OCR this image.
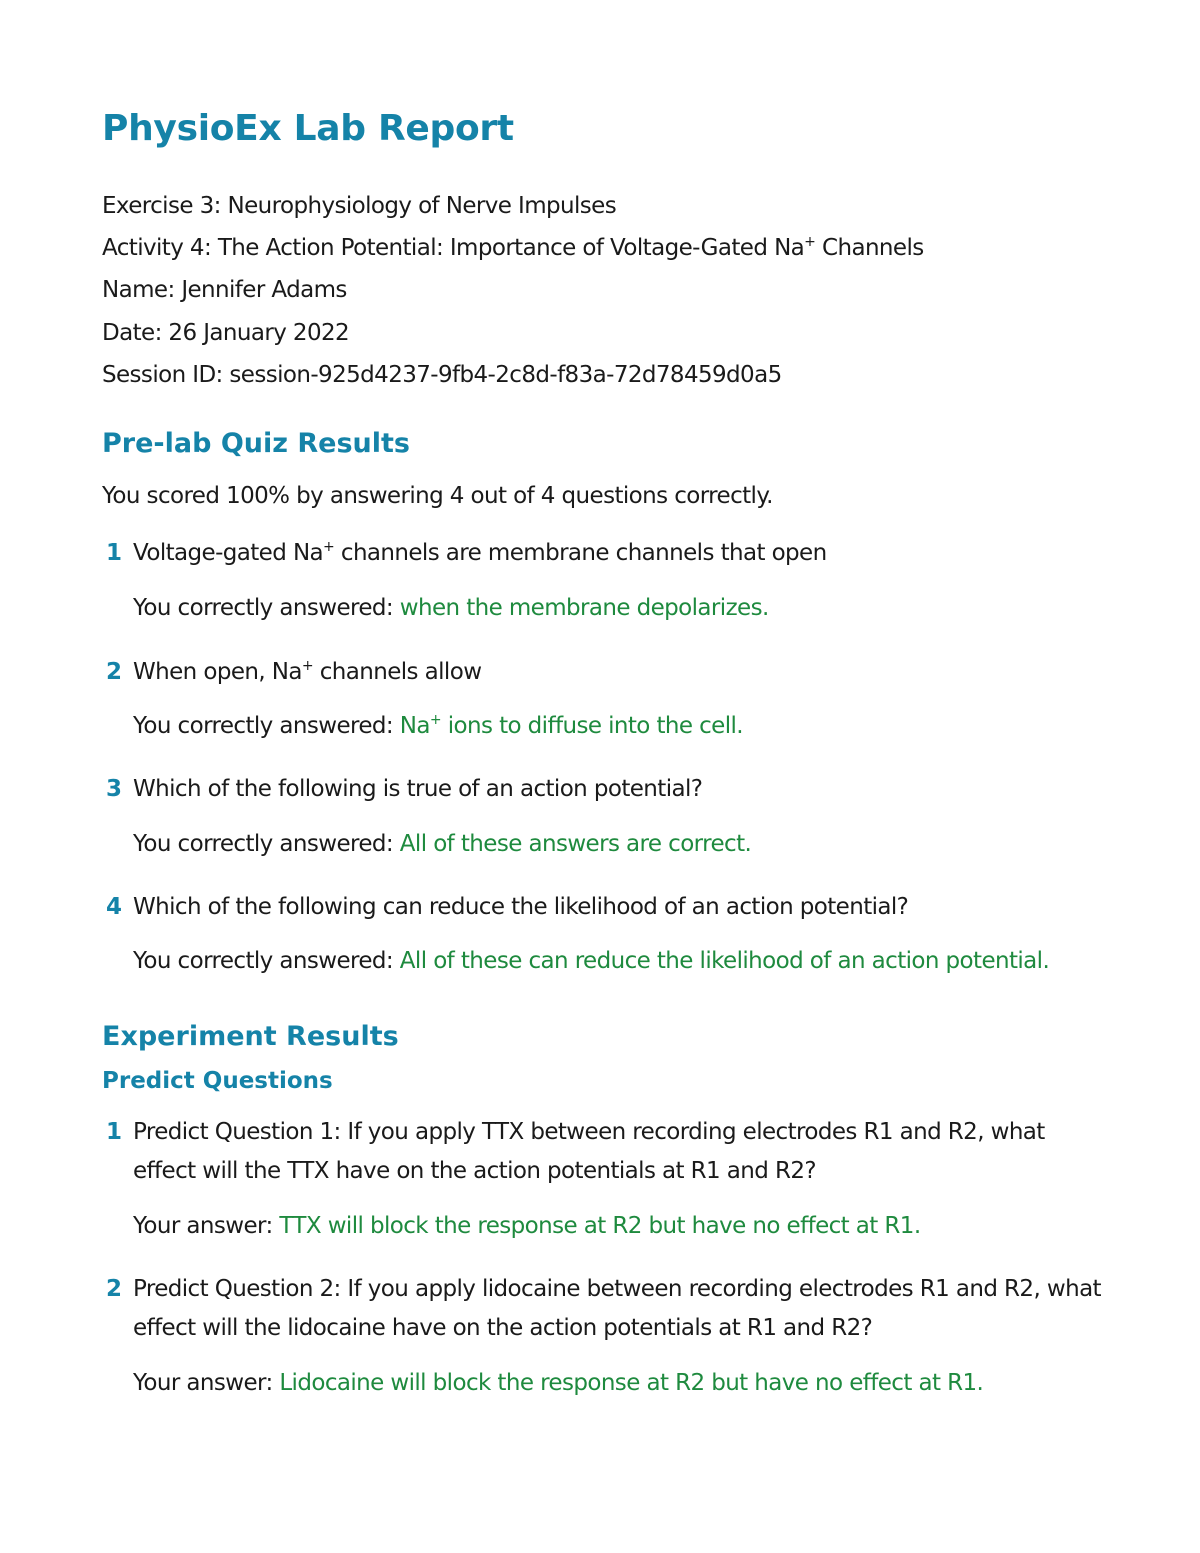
PhysioEx Lab Report
Exercise 3: Neurophysiology of Nerve Impulses
Activity 4: The Action Potential: Importance of Voltage-Gated Na+ Channels
Name: Jennifer Adams
Date: 26 January 2022
Session ID: session-925d4237-9fb4-2c8d-f83a-72d78459d0a5
Pre-lab Quiz Results
You scored 100% by answering 4 out of 4 questions correctly.
1 Voltage-gated Na+ channels are membrane channels that open
You correctly answered: when the membrane depolarizes.
2 When open, Na+ channels allow
You correctly answered: Na+ ions to diffuse into the cell.
3 Which of the following is true of an action potential?
You correctly answered: All of these answers are correct.
4 Which of the following can reduce the likelihood of an action potential?
You correctly answered: All of these can reduce the likelihood of an action potential.
Experiment Results
Predict Questions
1 Predict Question 1: If you apply TTX between recording electrodes R1 and R2, what effect will the TTX have on the action potentials at R1 and R2?
Your answer: TTX will block the response at R2 but have no effect at R1.
2 Predict Question 2: If you apply lidocaine between recording electrodes R1 and R2, what effect will the lidocaine have on the action potentials at R1 and R2?
Your answer: Lidocaine will block the response at R2 but have no effect at R1.
